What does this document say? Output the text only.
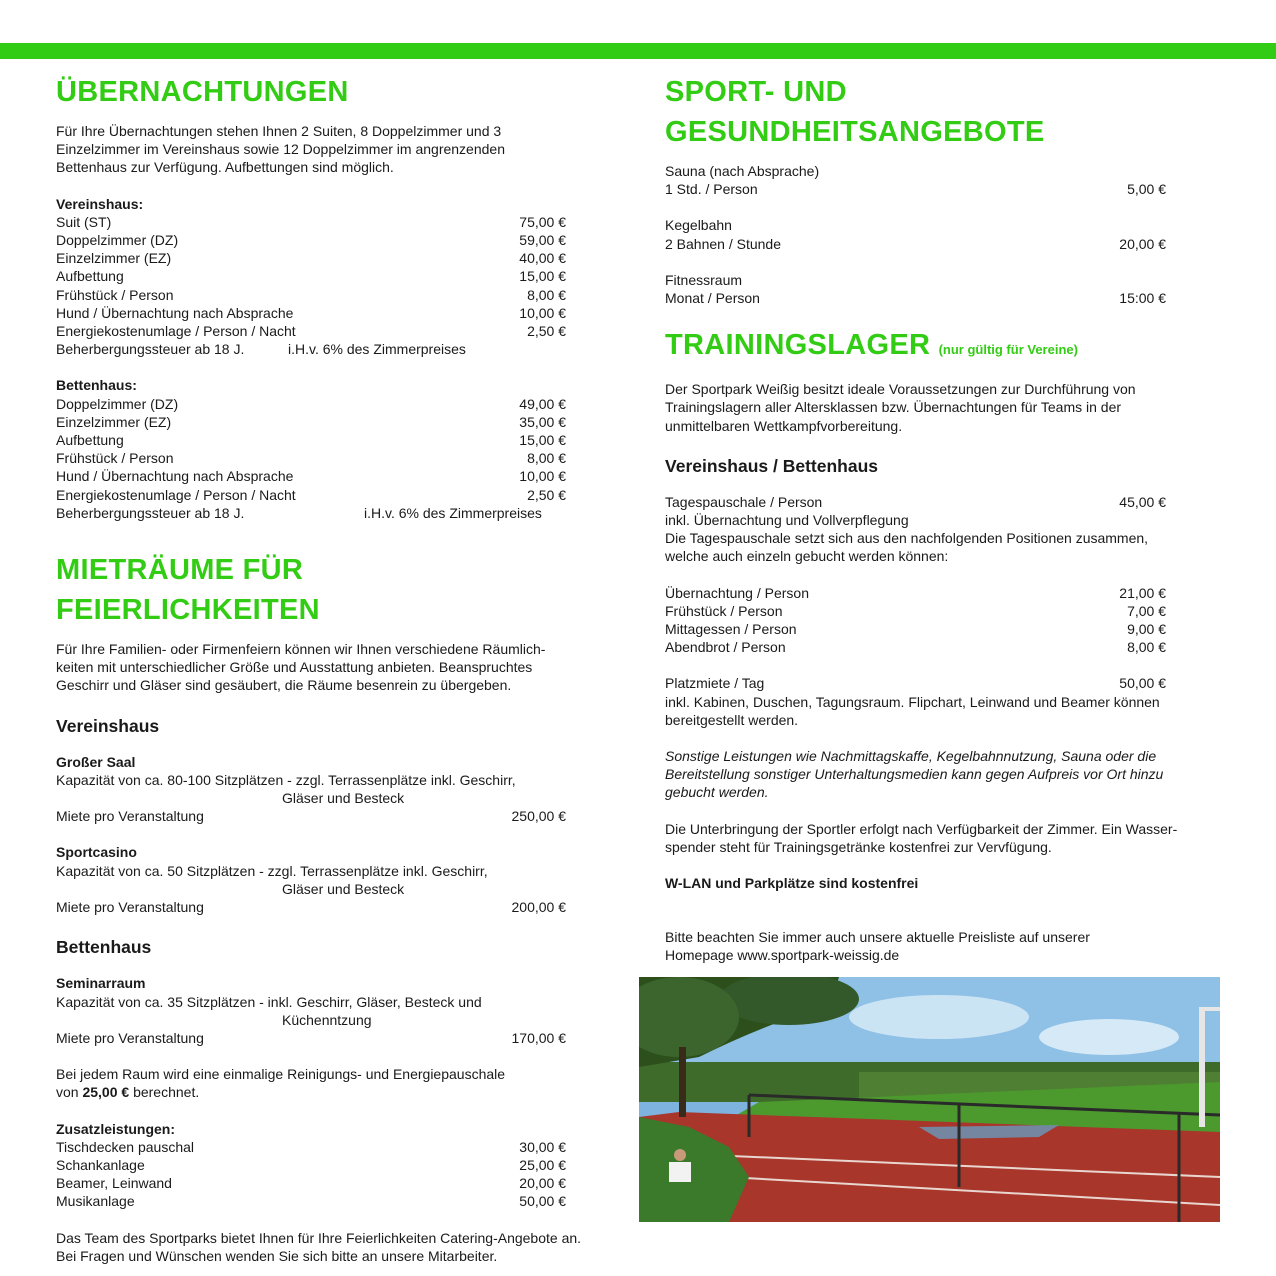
ÜBERNACHTUNGEN

Für Ihre Übernachtungen stehen Ihnen 2 Suiten, 8 Doppelzimmer und 3

Einzelzimmer im Vereinshaus sowie 12 Doppelzimmer im angrenzenden

Bettenhaus zur Verfügung. Aufbettungen sind möglich.

Vereinshaus:
Suit (ST)	75,00 €
Doppelzimmer (DZ)	59,00 €
Einzelzimmer (EZ)	40,00 €
Aufbettung	15,00 €
Frühstück / Person	8,00 €
Hund / Übernachtung nach Absprache	10,00 €
Energiekostenumlage / Person / Nacht	2,50 €
Beherbergungssteuer ab 18 J.	i.H.v. 6% des Zimmerpreises
Bettenhaus:
Doppelzimmer (DZ)	49,00 €
Einzelzimmer (EZ)	35,00 €
Aufbettung	15,00 €
Frühstück / Person	8,00 €
Hund / Übernachtung nach Absprache	10,00 €
Energiekostenumlage / Person / Nacht	2,50 €
Beherbergungssteuer ab 18 J.	i.H.v. 6% des Zimmerpreises
MIETRÄUME FÜR FEIERLICHKEITEN

Für Ihre Familien- oder Firmenfeiern können wir Ihnen verschiedene Räumlich-

keiten mit unterschiedlicher Größe und Ausstattung anbieten. Beanspruchtes

Geschirr und Gläser sind gesäubert, die Räume besenrein zu übergeben.

Vereinshaus
Großer Saal

Kapazität von ca. 80-100 Sitzplätzen - zzgl. Terrassenplätze inkl. Geschirr,

Gläser und Besteck

Miete pro Veranstaltung	250,00 €
Sportcasino

Kapazität von ca. 50 Sitzplätzen - zzgl. Terrassenplätze inkl. Geschirr,

Gläser und Besteck

Miete pro Veranstaltung	200,00 €
Bettenhaus
Seminarraum

Kapazität von ca. 35 Sitzplätzen - inkl. Geschirr, Gläser, Besteck und

Küchenntzung

Miete pro Veranstaltung	170,00 €

Bei jedem Raum wird eine einmalige Reinigungs- und Energiepauschale

von 25,00 € berechnet.

Zusatzleistungen:
Tischdecken pauschal	30,00 €
Schankanlage	25,00 €
Beamer, Leinwand	20,00 €
Musikanlage	50,00 €

Das Team des Sportparks bietet Ihnen für Ihre Feierlichkeiten Catering-Angebote an.

Bei Fragen und Wünschen wenden Sie sich bitte an unsere Mitarbeiter.

SPORT- UND GESUNDHEITSANGEBOTE

Sauna (nach Absprache)

1 Std. / Person	5,00 €

Kegelbahn

2 Bahnen / Stunde	20,00 €

Fitnessraum

Monat / Person	15:00 €
TRAININGSLAGER (nur gültig für Vereine)

Der Sportpark Weißig besitzt ideale Voraussetzungen zur Durchführung von

Trainingslagern aller Altersklassen bzw. Übernachtungen für Teams in der

unmittelbaren Wettkampfvorbereitung.

Vereinshaus / Bettenhaus
Tagespauschale / Person	45,00 €

inkl. Übernachtung und Vollverpflegung

Die Tagespauschale setzt sich aus den nachfolgenden Positionen zusammen,

welche auch einzeln gebucht werden können:

Übernachtung / Person	21,00 €
Frühstück / Person	7,00 €
Mittagessen / Person	9,00 €
Abendbrot / Person	8,00 €
Platzmiete / Tag	50,00 €

inkl. Kabinen, Duschen, Tagungsraum. Flipchart, Leinwand und Beamer können

bereitgestellt werden.

Sonstige Leistungen wie Nachmittagskaffe, Kegelbahnnutzung, Sauna oder die

Bereitstellung sonstiger Unterhaltungsmedien kann gegen Aufpreis vor Ort hinzu

gebucht werden.

Die Unterbringung der Sportler erfolgt nach Verfügbarkeit der Zimmer. Ein Wasser-

spender steht für Trainingsgetränke kostenfrei zur Vervfügung.

W-LAN und Parkplätze sind kostenfrei

Bitte beachten Sie immer auch unsere aktuelle Preisliste auf unserer

Homepage www.sportpark-weissig.de
